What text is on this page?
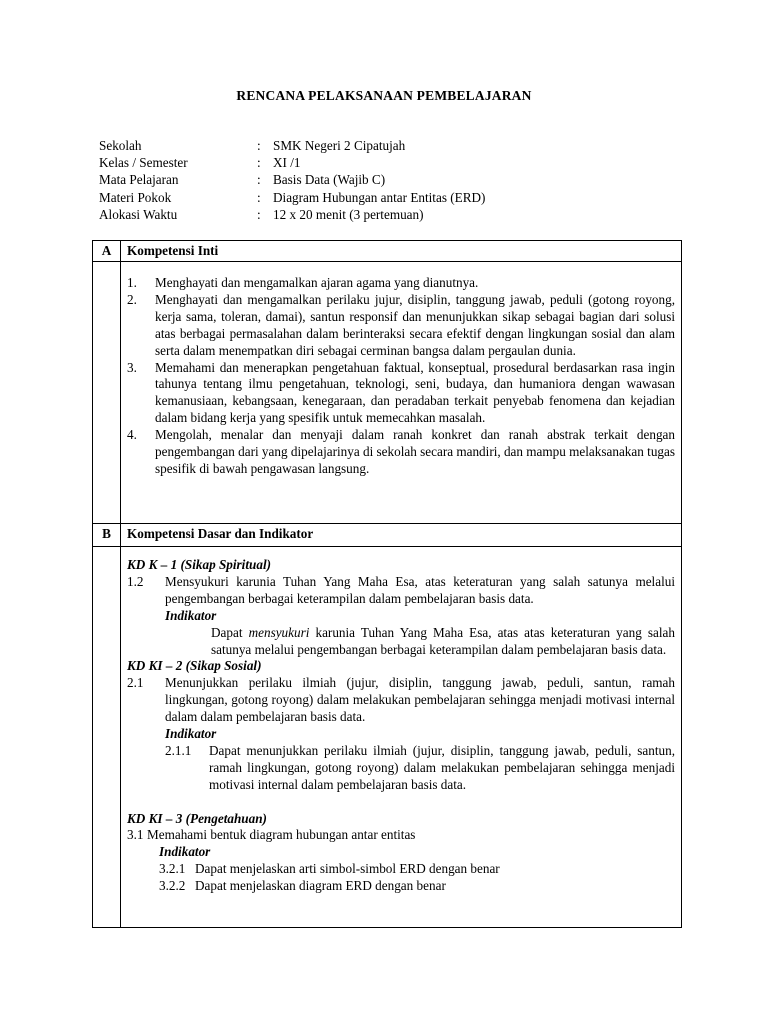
RENCANA PELAKSANAAN PEMBELAJARAN
Sekolah	: SMK Negeri 2 Cipatujah
Kelas / Semester	: XI /1
Mata Pelajaran	: Basis Data (Wajib C)
Materi Pokok	: Diagram Hubungan antar Entitas (ERD)
Alokasi Waktu	: 12 x 20 menit (3 pertemuan)
A	Kompetensi Inti
1.	Menghayati dan mengamalkan ajaran agama yang dianutnya.
2.	Menghayati dan mengamalkan perilaku jujur, disiplin, tanggung jawab, peduli (gotong royong, kerja sama, toleran, damai), santun responsif dan menunjukkan sikap sebagai bagian dari solusi atas berbagai permasalahan dalam berinteraksi secara efektif dengan lingkungan sosial dan alam serta dalam menempatkan diri sebagai cerminan bangsa dalam pergaulan dunia.
3.	Memahami dan menerapkan pengetahuan faktual, konseptual, prosedural berdasarkan rasa ingin tahunya tentang ilmu pengetahuan, teknologi, seni, budaya, dan humaniora dengan wawasan kemanusiaan, kebangsaan, kenegaraan, dan peradaban terkait penyebab fenomena dan kejadian dalam bidang kerja yang spesifik untuk memecahkan masalah.
4.	Mengolah, menalar dan menyaji dalam ranah konkret dan ranah abstrak terkait dengan pengembangan dari yang dipelajarinya di sekolah secara mandiri, dan mampu melaksanakan tugas spesifik di bawah pengawasan langsung.
B	Kompetensi Dasar dan Indikator
KD K – 1 (Sikap Spiritual)
1.2	Mensyukuri karunia Tuhan Yang Maha Esa, atas keteraturan yang salah satunya melalui pengembangan berbagai keterampilan dalam pembelajaran basis data.
Indikator
Dapat mensyukuri karunia Tuhan Yang Maha Esa, atas atas keteraturan yang salah satunya melalui pengembangan berbagai keterampilan dalam pembelajaran basis data.
KD KI – 2 (Sikap Sosial)
2.1	Menunjukkan perilaku ilmiah (jujur, disiplin, tanggung jawab, peduli, santun, ramah lingkungan, gotong royong) dalam melakukan pembelajaran sehingga menjadi motivasi internal dalam dalam pembelajaran basis data.
Indikator
2.1.1	Dapat menunjukkan perilaku ilmiah (jujur, disiplin, tanggung jawab, peduli, santun, ramah lingkungan, gotong royong) dalam melakukan pembelajaran sehingga menjadi motivasi internal dalam pembelajaran basis data.
KD KI – 3 (Pengetahuan)
3.1 Memahami bentuk diagram hubungan antar entitas
Indikator
3.2.1 Dapat menjelaskan arti simbol-simbol ERD dengan benar
3.2.2 Dapat menjelaskan diagram ERD dengan benar
